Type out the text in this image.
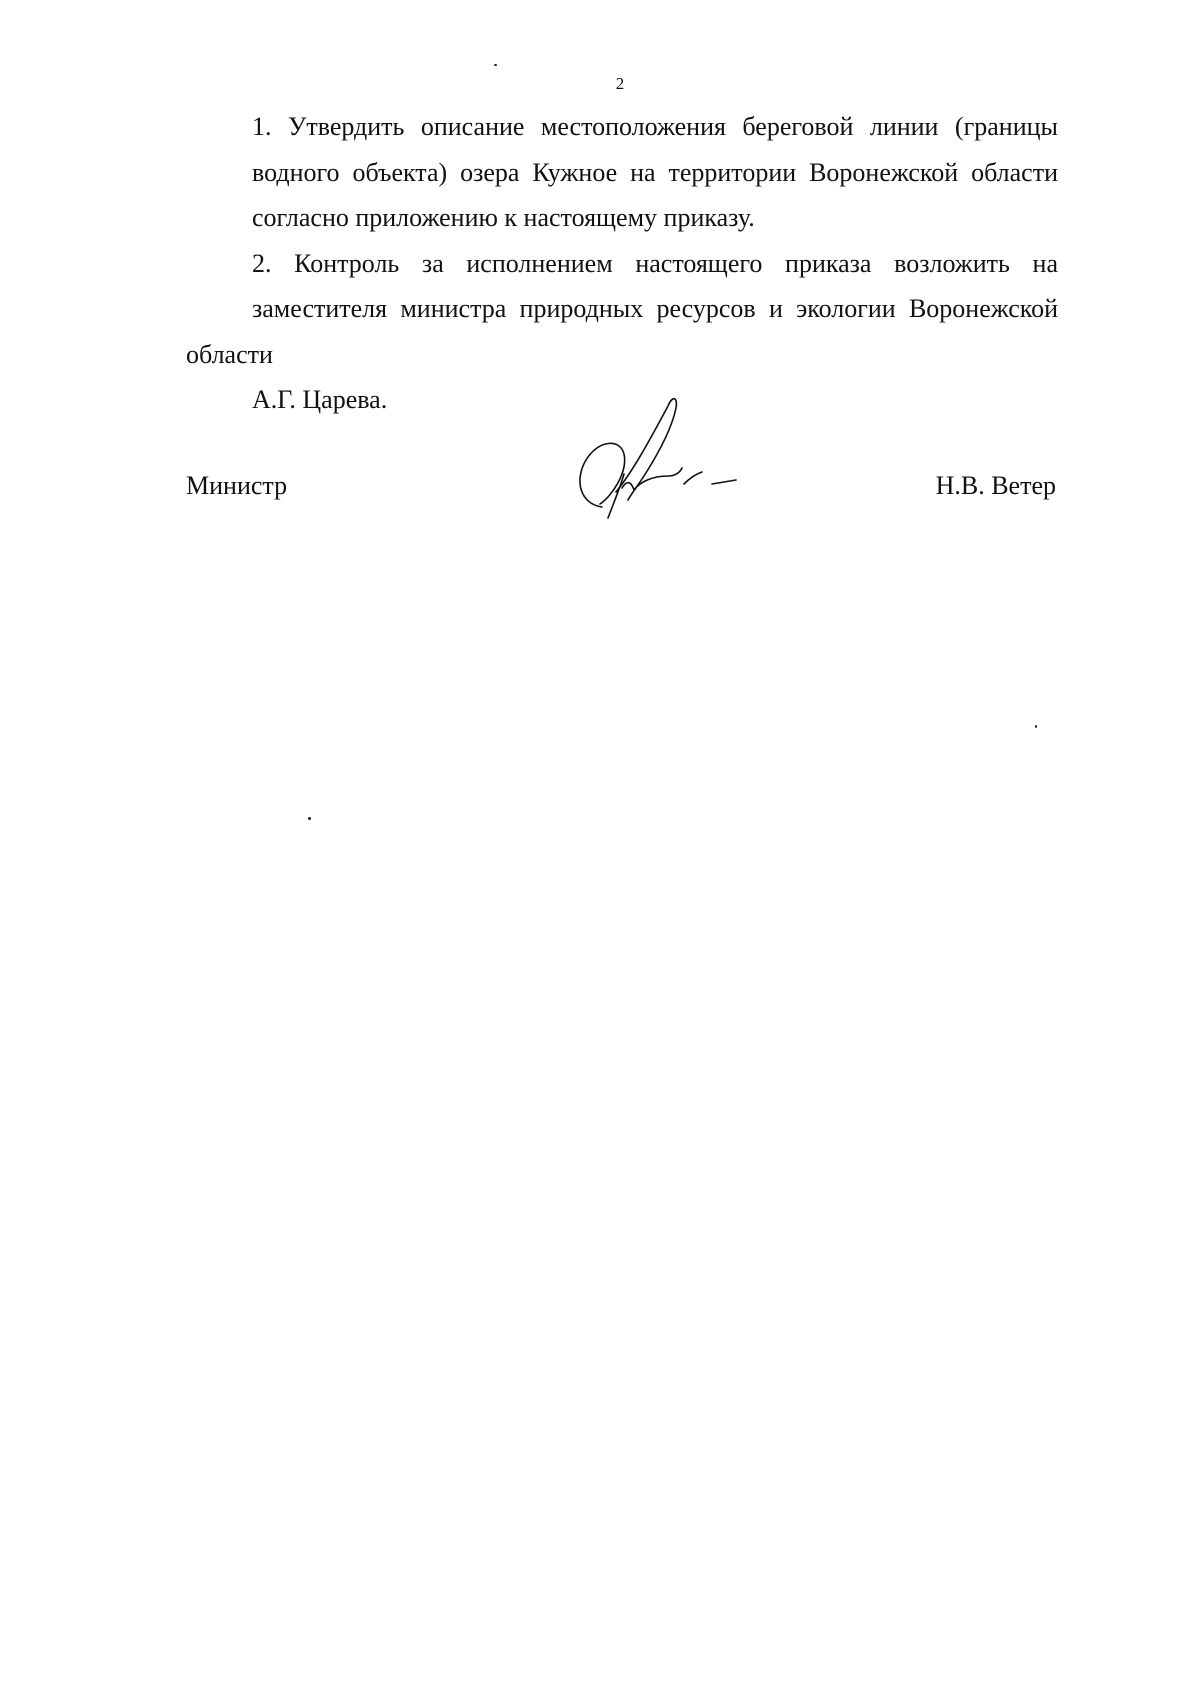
2

1. Утвердить описание местоположения береговой линии (границы
водного объекта) озера Кужное на территории Воронежской области
согласно приложению к настоящему приказу.

2. Контроль за исполнением настоящего приказа возложить на
заместителя министра природных ресурсов и экологии Воронежской области
А.Г. Царева.

Министр	Н.В. Ветер
